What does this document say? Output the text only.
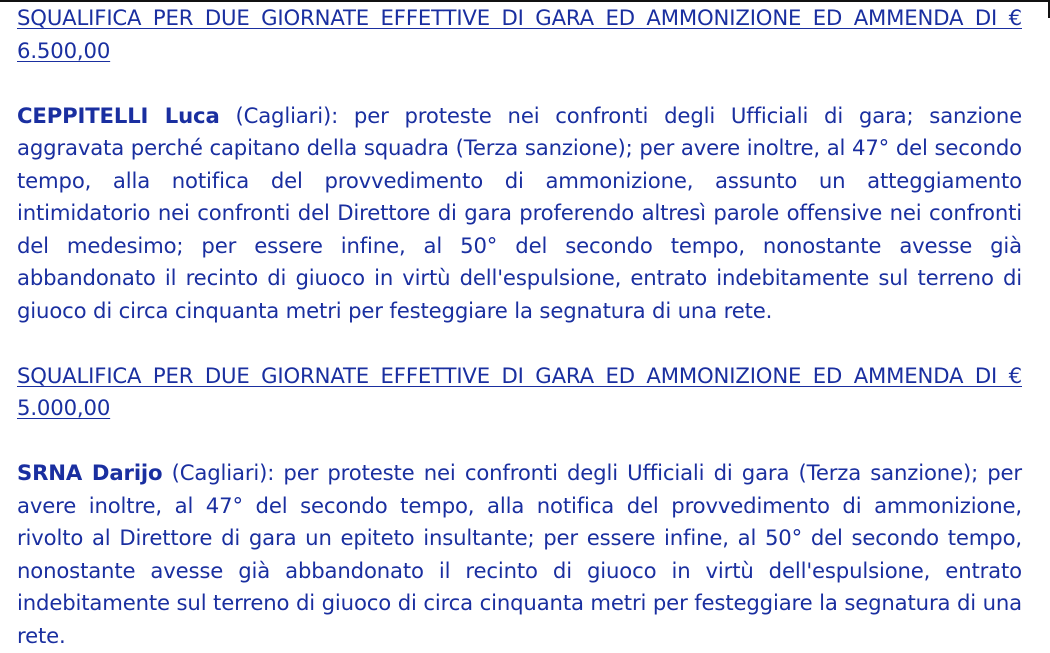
SQUALIFICA PER DUE GIORNATE EFFETTIVE DI GARA ED AMMONIZIONE ED AMMENDA DI € 6.500,00

CEPPITELLI Luca (Cagliari): per proteste nei confronti degli Ufficiali di gara; sanzione aggravata perché capitano della squadra (Terza sanzione); per avere inoltre, al 47° del secondo tempo, alla notifica del provvedimento di ammonizione, assunto un atteggiamento intimidatorio nei confronti del Direttore di gara proferendo altresì parole offensive nei confronti del medesimo; per essere infine, al 50° del secondo tempo, nonostante avesse già abbandonato il recinto di giuoco in virtù dell'espulsione, entrato indebitamente sul terreno di giuoco di circa cinquanta metri per festeggiare la segnatura di una rete.

SQUALIFICA PER DUE GIORNATE EFFETTIVE DI GARA ED AMMONIZIONE ED AMMENDA DI € 5.000,00

SRNA Darijo (Cagliari): per proteste nei confronti degli Ufficiali di gara (Terza sanzione); per avere inoltre, al 47° del secondo tempo, alla notifica del provvedimento di ammonizione, rivolto al Direttore di gara un epiteto insultante; per essere infine, al 50° del secondo tempo, nonostante avesse già abbandonato il recinto di giuoco in virtù dell'espulsione, entrato indebitamente sul terreno di giuoco di circa cinquanta metri per festeggiare la segnatura di una rete.
